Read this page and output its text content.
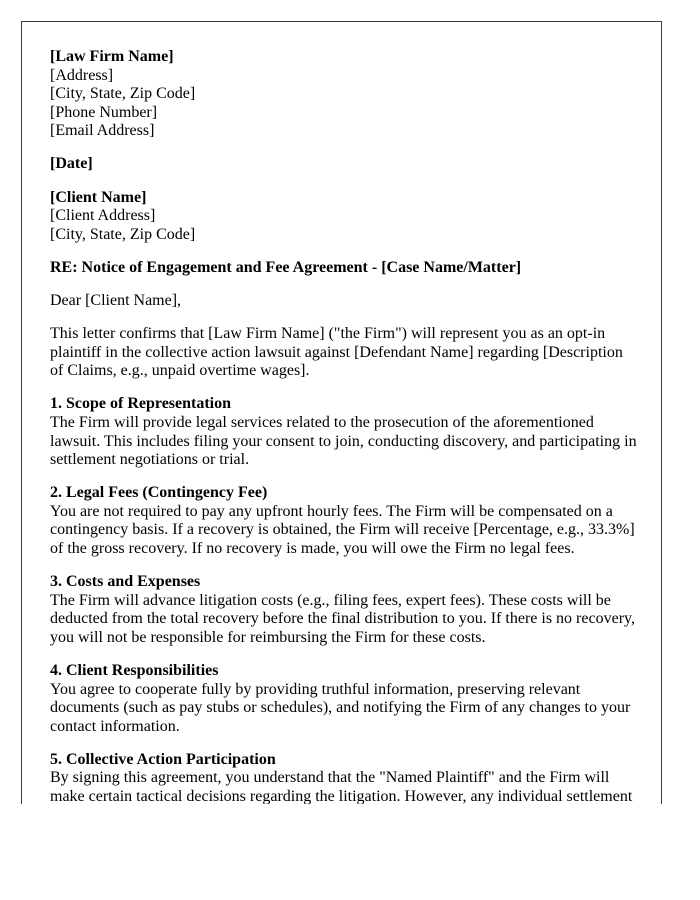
[Law Firm Name]
[Address]
[City, State, Zip Code]
[Phone Number]
[Email Address]
[Date]
[Client Name]
[Client Address]
[City, State, Zip Code]
RE: Notice of Engagement and Fee Agreement - [Case Name/Matter]
Dear [Client Name],
This letter confirms that [Law Firm Name] ("the Firm") will represent you as an opt-in plaintiff in the collective action lawsuit against [Defendant Name] regarding [Description of Claims, e.g., unpaid overtime wages].
1. Scope of Representation
The Firm will provide legal services related to the prosecution of the aforementioned lawsuit. This includes filing your consent to join, conducting discovery, and participating in settlement negotiations or trial.
2. Legal Fees (Contingency Fee)
You are not required to pay any upfront hourly fees. The Firm will be compensated on a contingency basis. If a recovery is obtained, the Firm will receive [Percentage, e.g., 33.3%] of the gross recovery. If no recovery is made, you will owe the Firm no legal fees.
3. Costs and Expenses
The Firm will advance litigation costs (e.g., filing fees, expert fees). These costs will be deducted from the total recovery before the final distribution to you. If there is no recovery, you will not be responsible for reimbursing the Firm for these costs.
4. Client Responsibilities
You agree to cooperate fully by providing truthful information, preserving relevant documents (such as pay stubs or schedules), and notifying the Firm of any changes to your contact information.
5. Collective Action Participation
By signing this agreement, you understand that the "Named Plaintiff" and the Firm will make certain tactical decisions regarding the litigation. However, any individual settlement
